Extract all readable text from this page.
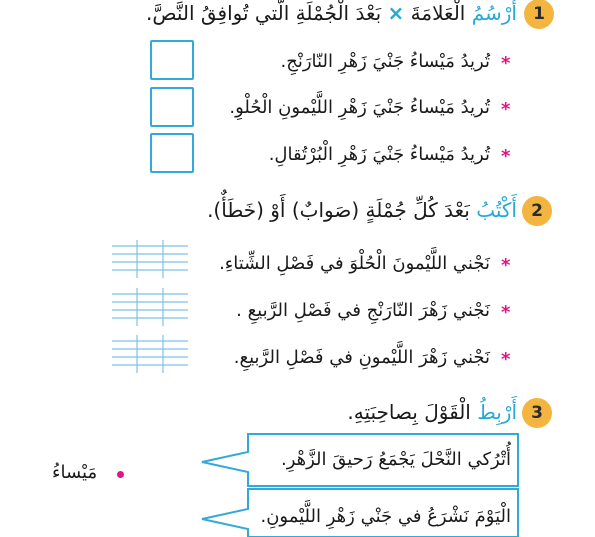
1
أَرْسُمُ الْعَلامَةَ × بَعْدَ الْجُمْلَةِ الَّتي تُوافِقُ النَّصَّ.
*
تُريدُ مَيْساءُ جَنْيَ زَهْرِ النّارَنْجِ.
*
تُريدُ مَيْساءُ جَنْيَ زَهْرِ اللَّيْمونِ الْحُلْوِ.
*
تُريدُ مَيْساءُ جَنْيَ زَهْرِ الْبُرْتُقالِ.
2
أَكْتُبُ بَعْدَ كُلِّ جُمْلَةٍ (صَوابٌ) أَوْ (خَطَأٌ).
*
نَجْني اللَّيْمونَ الْحُلْوَ في فَصْلِ الشِّتاءِ.
*
نَجْني زَهْرَ النّارَنْجِ في فَصْلِ الرَّبيعِ .
*
نَجْني زَهْرَ اللَّيْمونِ في فَصْلِ الرَّبيعِ.
3
أَرْبِطُ الْقَوْلَ بِصاحِبَتِهِ.
أُتْرُكي النَّحْلَ يَجْمَعُ رَحيقَ الزَّهْرِ.
الْيَوْمَ نَشْرَعُ في جَنْي زَهْرِ اللَّيْمونِ.
مَيْساءُ
